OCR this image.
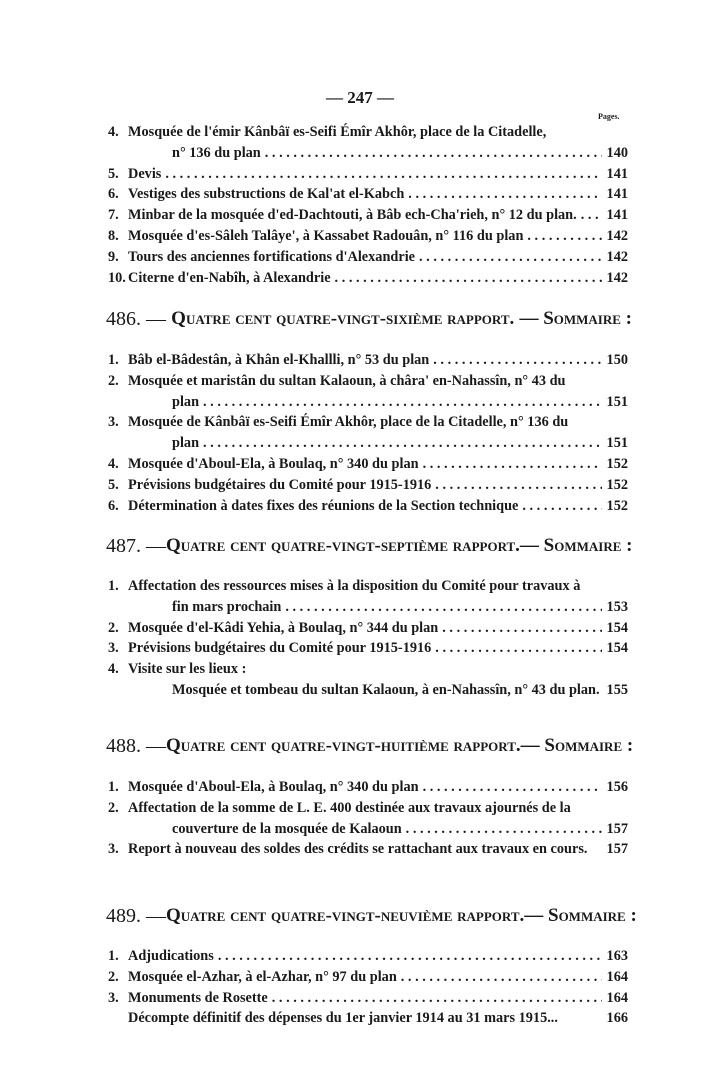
— 247 —
Pages.
4. Mosquée de l'émir Kânbâï es-Seifi Émîr Akhôr, place de la Citadelle,
n° 136 du plan . . .	140
5. Devis . . .	141
6. Vestiges des substructions de Kal'at el-Kabch . . .	141
7. Minbar de la mosquée d'ed-Dachtouti, à Bâb ech-Cha'rieh, n° 12 du plan. . . . 141
8. Mosquée d'es-Sâleh Talâye', à Kassabet Radouân, n° 116 du plan . . .	142
9. Tours des anciennes fortifications d'Alexandrie . . .	142
10. Citerne d'en-Nabîh, à Alexandrie . . .	142
486. — Quatre cent quatre-vingt-sixième rapport. — Sommaire :
1. Bâb el-Bâdestân, à Khân el-Khallli, n° 53 du plan . . .	150
2. Mosquée et maristân du sultan Kalaoun, à châra' en-Nahassîn, n° 43 du
plan . . .	151
3. Mosquée de Kânbâï es-Seifi Émîr Akhôr, place de la Citadelle, n° 136 du
plan . . .	151
4. Mosquée d'Aboul-Ela, à Boulaq, n° 340 du plan . . .	152
5. Prévisions budgétaires du Comité pour 1915-1916 . . .	152
6. Détermination à dates fixes des réunions de la Section technique . . .	152
487. — Quatre cent quatre-vingt-septième rapport. — Sommaire :
1. Affectation des ressources mises à la disposition du Comité pour travaux à
fin mars prochain . . .	153
2. Mosquée d'el-Kâdi Yehia, à Boulaq, n° 344 du plan . . .	154
3. Prévisions budgétaires du Comité pour 1915-1916 . . .	154
4. Visite sur les lieux :
Mosquée et tombeau du sultan Kalaoun, à en-Nahassîn, n° 43 du plan. 155
488. — Quatre cent quatre-vingt-huitième rapport. — Sommaire :
1. Mosquée d'Aboul-Ela, à Boulaq, n° 340 du plan . . .	156
2. Affectation de la somme de L. E. 400 destinée aux travaux ajournés de la
couverture de la mosquée de Kalaoun . . .	157
3. Report à nouveau des soldes des crédits se rattachant aux travaux en cours. 157
489. — Quatre cent quatre-vingt-neuvième rapport. — Sommaire :
1. Adjudications . . .	163
2. Mosquée el-Azhar, à el-Azhar, n° 97 du plan . . .	164
3. Monuments de Rosette . . .	164
Décompte définitif des dépenses du 1er janvier 1914 au 31 mars 1915...	166
